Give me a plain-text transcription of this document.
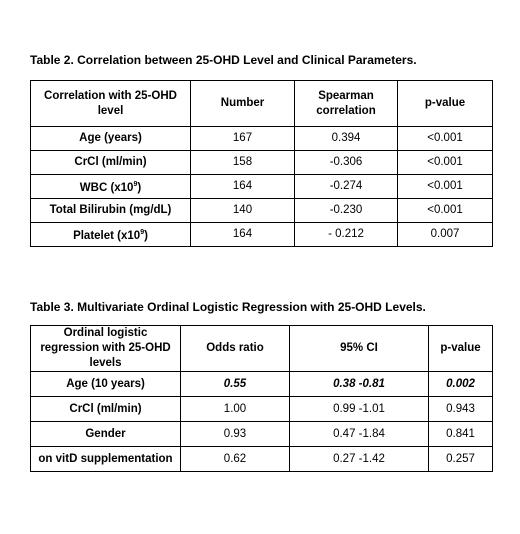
Table 2. Correlation between 25-OHD Level and Clinical Parameters.
Correlation with 25-OHD level	Number	Spearman correlation	p-value
Age (years)	167	0.394	<0.001
CrCl (ml/min)	158	-0.306	<0.001
WBC $(x10^9)$	164	-0.274	<0.001
Total Bilirubin (mg/dL)	140	-0.230	<0.001
Platelet $(x10^9)$	164	- 0.212	0.007
Table 3. Multivariate Ordinal Logistic Regression with 25-OHD Levels.
Ordinal logistic regression with 25-OHD levels	Odds ratio	95% CI	p-value
Age (10 years)	0.55	0.38 -0.81	0.002
CrCl (ml/min)	1.00	0.99 -1.01	0.943
Gender	0.93	0.47 -1.84	0.841
on vitD supplementation	0.62	0.27 -1.42	0.257
